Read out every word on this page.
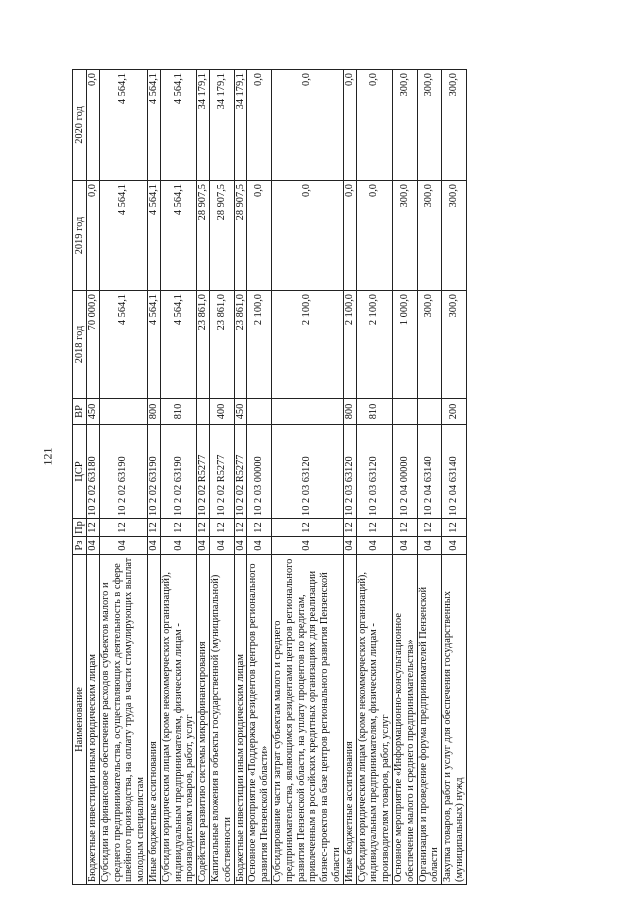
121
Наименование	Рз	Пр	ЦСР	ВР	2018 год	2019 год	2020 год
Бюджетные инвестиции иным юридическим лицам	04	12	10 2 02 63180	450	70 000,0	0,0	0,0
Субсидии на финансовое обеспечение расходов субъектов малого и среднего предпринимательства, осуществляющих деятельность в сфере швейного производства, на оплату труда в части стимулирующих выплат молодым специалистам	04	12	10 2 02 63190		4 564,1	4 564,1	4 564,1
Иные бюджетные ассигнования	04	12	10 2 02 63190	800	4 564,1	4 564,1	4 564,1
Субсидии юридическим лицам (кроме некоммерческих организаций), индивидуальным предпринимателям, физическим лицам - производителям товаров, работ, услуг	04	12	10 2 02 63190	810	4 564,1	4 564,1	4 564,1
Содействие развитию системы микрофинансирования	04	12	10 2 02 R5277		23 861,0	28 907,5	34 179,1
Капитальные вложения в объекты государственной (муниципальной) собственности	04	12	10 2 02 R5277	400	23 861,0	28 907,5	34 179,1
Бюджетные инвестиции иным юридическим лицам	04	12	10 2 02 R5277	450	23 861,0	28 907,5	34 179,1
Основное мероприятие «Поддержка резидентов центров регионального развития Пензенской области»	04	12	10 2 03 00000		2 100,0	0,0	0,0
Субсидирование части затрат субъектам малого и среднего предпринимательства, являющимся резидентами центров регионального развития Пензенской области, на уплату процентов по кредитам, привлеченным в российских кредитных организациях для реализации бизнес-проектов на базе центров регионального развития Пензенской области	04	12	10 2 03 63120		2 100,0	0,0	0,0
Иные бюджетные ассигнования	04	12	10 2 03 63120	800	2 100,0	0,0	0,0
Субсидии юридическим лицам (кроме некоммерческих организаций), индивидуальным предпринимателям, физическим лицам - производителям товаров, работ, услуг	04	12	10 2 03 63120	810	2 100,0	0,0	0,0
Основное мероприятие «Информационно-консультационное обеспечение малого и среднего предпринимательства»	04	12	10 2 04 00000		1 000,0	300,0	300,0
Организация и проведение форума предпринимателей Пензенской области	04	12	10 2 04 63140		300,0	300,0	300,0
Закупка товаров, работ и услуг для обеспечения государственных (муниципальных) нужд	04	12	10 2 04 63140	200	300,0	300,0	300,0
